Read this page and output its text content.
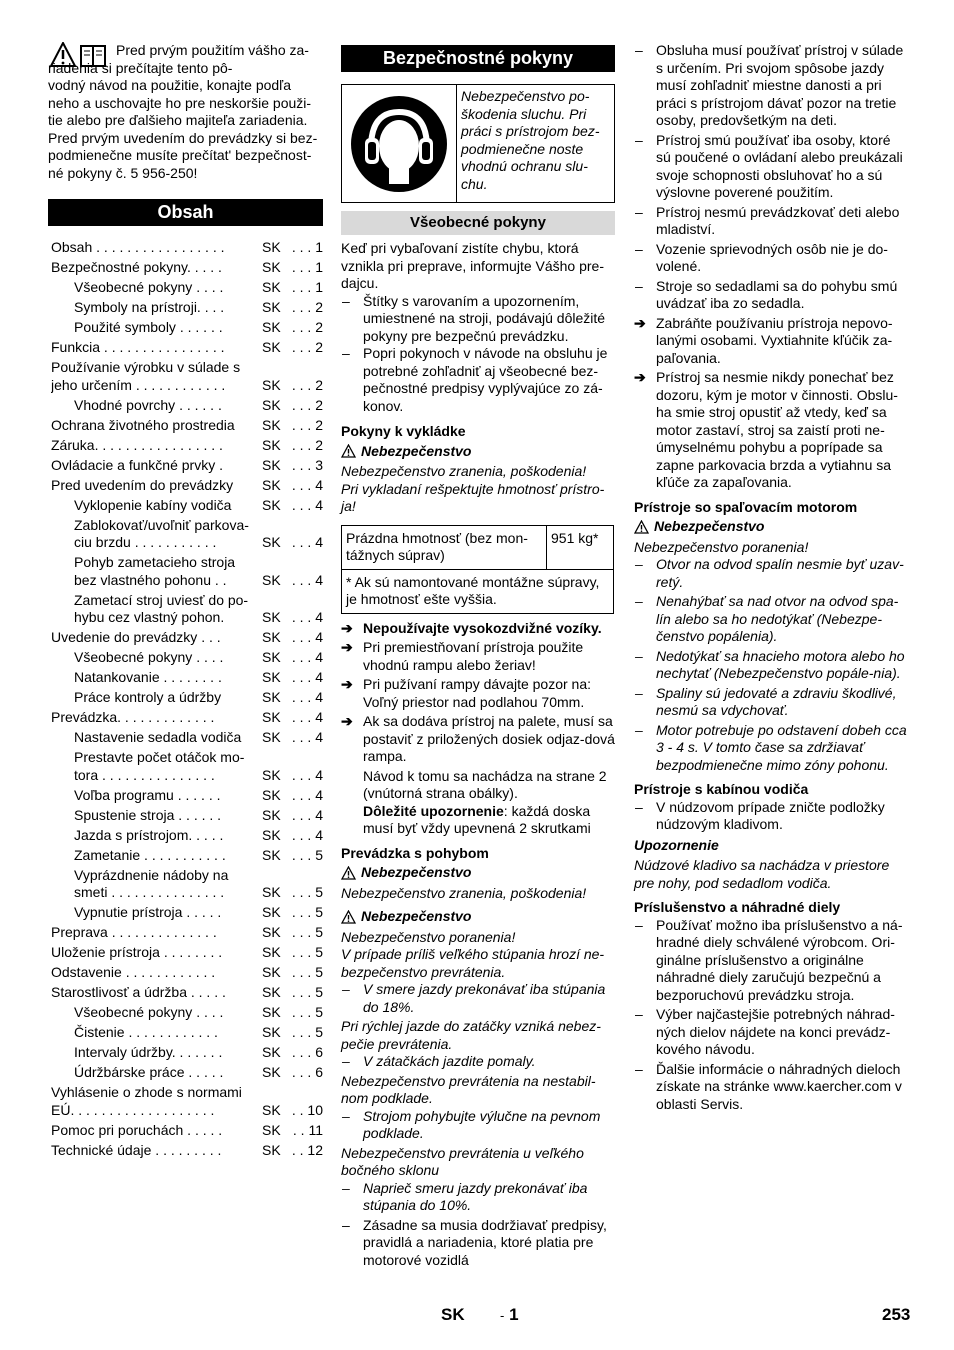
Pred prvým použitím vášho za-

riadenia si prečítajte tento pô-

vodný návod na použitie, konajte podľa

neho a uschovajte ho pre neskoršie použi-

tie alebo pre ďalšieho majiteľa zariadenia.

Pred prvým uvedením do prevádzky si bez-

podmienečne musíte prečítat' bezpečnost-

né pokyny č. 5 956-250!

Obsah
Obsah . . . . . . . . . . . . . . . . .	SK . . . 1
Bezpečnostné pokyny. . . . .	SK . . . 1
Všeobecné pokyny . . . .	SK . . . 1
Symboly na prístroji. . . .	SK . . . 2
Použité symboly . . . . . .	SK . . . 2
Funkcia . . . . . . . . . . . . . . . .	SK . . . 2
Používanie výrobku v súlade s jeho určením . . . . . . . . . . . .	SK . . . 2
Vhodné povrchy . . . . . .	SK . . . 2
Ochrana životného prostredia	SK . . . 2
Záruka. . . . . . . . . . . . . . . . .	SK . . . 2
Ovládacie a funkčné prvky .	SK . . . 3
Pred uvedením do prevádzky	SK . . . 4
Vyklopenie kabíny vodiča	SK . . . 4
Zablokovať/uvoľniť parkova-ciu brzdu . . . . . . . . . . .	SK . . . 4
Pohyb zametacieho stroja bez vlastného pohonu . .	SK . . . 4
Zametací stroj uviesť do po-hybu cez vlastný pohon.	SK . . . 4
Uvedenie do prevádzky . . .	SK . . . 4
Všeobecné pokyny . . . .	SK . . . 4
Natankovanie . . . . . . . .	SK . . . 4
Práce kontroly a údržby	SK . . . 4
Prevádzka. . . . . . . . . . . . .	SK . . . 4
Nastavenie sedadla vodiča	SK . . . 4
Prestavte počet otáčok mo-tora . . . . . . . . . . . . . . .	SK . . . 4
Voľba programu . . . . . .	SK . . . 4
Spustenie stroja . . . . . .	SK . . . 4
Jazda s prístrojom. . . . .	SK . . . 4
Zametanie . . . . . . . . . . .	SK . . . 5
Vyprázdnenie nádoby na smeti . . . . . . . . . . . . . . .	SK . . . 5
Vypnutie prístroja . . . . .	SK . . . 5
Preprava . . . . . . . . . . . . . .	SK . . . 5
Uloženie prístroja . . . . . . . .	SK . . . 5
Odstavenie . . . . . . . . . . . .	SK . . . 5
Starostlivosť a údržba . . . . .	SK . . . 5
Všeobecné pokyny . . . .	SK . . . 5
Čistenie . . . . . . . . . . . .	SK . . . 5
Intervaly údržby. . . . . . .	SK . . . 6
Údržbárske práce . . . . .	SK . . . 6
Vyhlásenie o zhode s normami EÚ. . . . . . . . . . . . . . . . . . .	SK . . 10
Pomoc pri poruchách . . . . .	SK . . 11
Technické údaje . . . . . . . . .	SK . . 12
Bezpečnostné pokyny

Nebezpečenstvo po-

škodenia sluchu. Pri

práci s prístrojom bez-

podmienečne noste

vhodnú ochranu slu-

chu.

Všeobecné pokyny

Keď pri vybaľovaní zistíte chybu, ktorá vznikla pri preprave, informujte Vášho pre-dajcu.

– Štítky s varovaním a upozornením, umiestnené na stroji, podávajú dôležité pokyny pre bezpečnú prevádzku.

– Popri pokynoch v návode na obsluhu je potrebné zohľadniť aj všeobecné bez-pečnostné predpisy vyplývajúce zo zá-konov.

Pokyny k vykládke

Nebezpečenstvo

Nebezpečenstvo zranenia, poškodenia!

Pri vykladaní rešpektujte hmotnosť prístro-ja!

Prázdna hmotnosť (bez mon-tážnych súprav)	951 kg*
* Ak sú namontované montážne súpravy, je hmotnosť ešte vyššia.
➔ Nepoužívajte vysokozdvižné vozíky.
➔ Pri premiestňovaní prístroja použite vhodnú rampu alebo žeriav!
➔ Pri pužívaní rampy dávajte pozor na: Voľný priestor nad podlahou 70mm.
➔ Ak sa dodáva prístroj na palete, musí sa postaviť z priložených dosiek odjaz-dová rampa.

Návod k tomu sa nachádza na strane 2 (vnútorná strana obálky).

Dôležité upozornenie: každá doska musí byť vždy upevnená 2 skrutkami

Prevádzka s pohybom

Nebezpečenstvo

Nebezpečenstvo zranenia, poškodenia!

Nebezpečenstvo

Nebezpečenstvo poranenia!

V prípade príliš veľkého stúpania hrozí ne-bezpečenstvo prevrátenia.

– V smere jazdy prekonávať iba stúpania do 18%.

Pri rýchlej jazde do zatáčky vzniká nebez-pečie prevrátenia.

– V zátačkách jazdite pomaly.

Nebezpečenstvo prevrátenia na nestabil-nom podklade.

– Strojom pohybujte výlučne na pevnom podklade.

Nebezpečenstvo prevrátenia u veľkého bočného sklonu

– Naprieč smeru jazdy prekonávať iba stúpania do 10%.

– Zásadne sa musia dodržiavať predpisy, pravidlá a nariadenia, ktoré platia pre motorové vozidlá

– Obsluha musí používať prístroj v súlade s určením. Pri svojom spôsobe jazdy musí zohľadniť miestne danosti a pri práci s prístrojom dávať pozor na tretie osoby, predovšetkým na deti.

– Prístroj smú používať iba osoby, ktoré sú poučené o ovládaní alebo preukázali svoje schopnosti obsluhovať ho a sú výslovne poverené použitím.

– Prístroj nesmú prevádzkovať deti alebo mladiství.

– Vozenie sprievodných osôb nie je do-volené.

– Stroje so sedadlami sa do pohybu smú uvádzať iba zo sedadla.

➔ Zabráňte používaniu prístroja nepovo-lanými osobami. Vyxtiahnite kľúčik za-paľovania.
➔ Prístroj sa nesmie nikdy ponechať bez dozoru, kým je motor v činnosti. Obslu-ha smie stroj opustiť až vtedy, keď sa motor zastaví, stroj sa zaistí proti ne-úmyselnému pohybu a poprípade sa zapne parkovacia brzda a vytiahnu sa kľúče za zapaľovania.

Prístroje so spaľovacím motorom

Nebezpečenstvo

Nebezpečenstvo poranenia!

– Otvor na odvod spalín nesmie byť uzav-retý.

– Nenahýbať sa nad otvor na odvod spa-lín alebo sa ho nedotýkať (Nebezpe-čenstvo popálenia).

– Nedotýkať sa hnacieho motora alebo ho nechytať (Nebezpečenstvo popále-nia).

– Spaliny sú jedovaté a zdraviu škodlivé, nesmú sa vdychovať.

– Motor potrebuje po odstavení dobeh cca 3 - 4 s. V tomto čase sa zdržiavať bezpodmienečne mimo zóny pohonu.

Prístroje s kabínou vodiča

– V núdzovom prípade zničte podložky núdzovým kladivom.

Upozornenie

Núdzové kladivo sa nachádza v priestore pre nohy, pod sedadlom vodiča.

Príslušenstvo a náhradné diely

– Používať možno iba príslušenstvo a ná-hradné diely schválené výrobcom. Ori-ginálne príslušenstvo a originálne náhradné diely zaručujú bezpečnú a bezporuchovú prevádzku stroja.

– Výber najčastejšie potrebných náhrad-ných dielov nájdete na konci prevádz-kového návodu.

– Ďalšie informácie o náhradných dieloch získate na stránke www.kaercher.com v oblasti Servis.

SK	- 1	253
